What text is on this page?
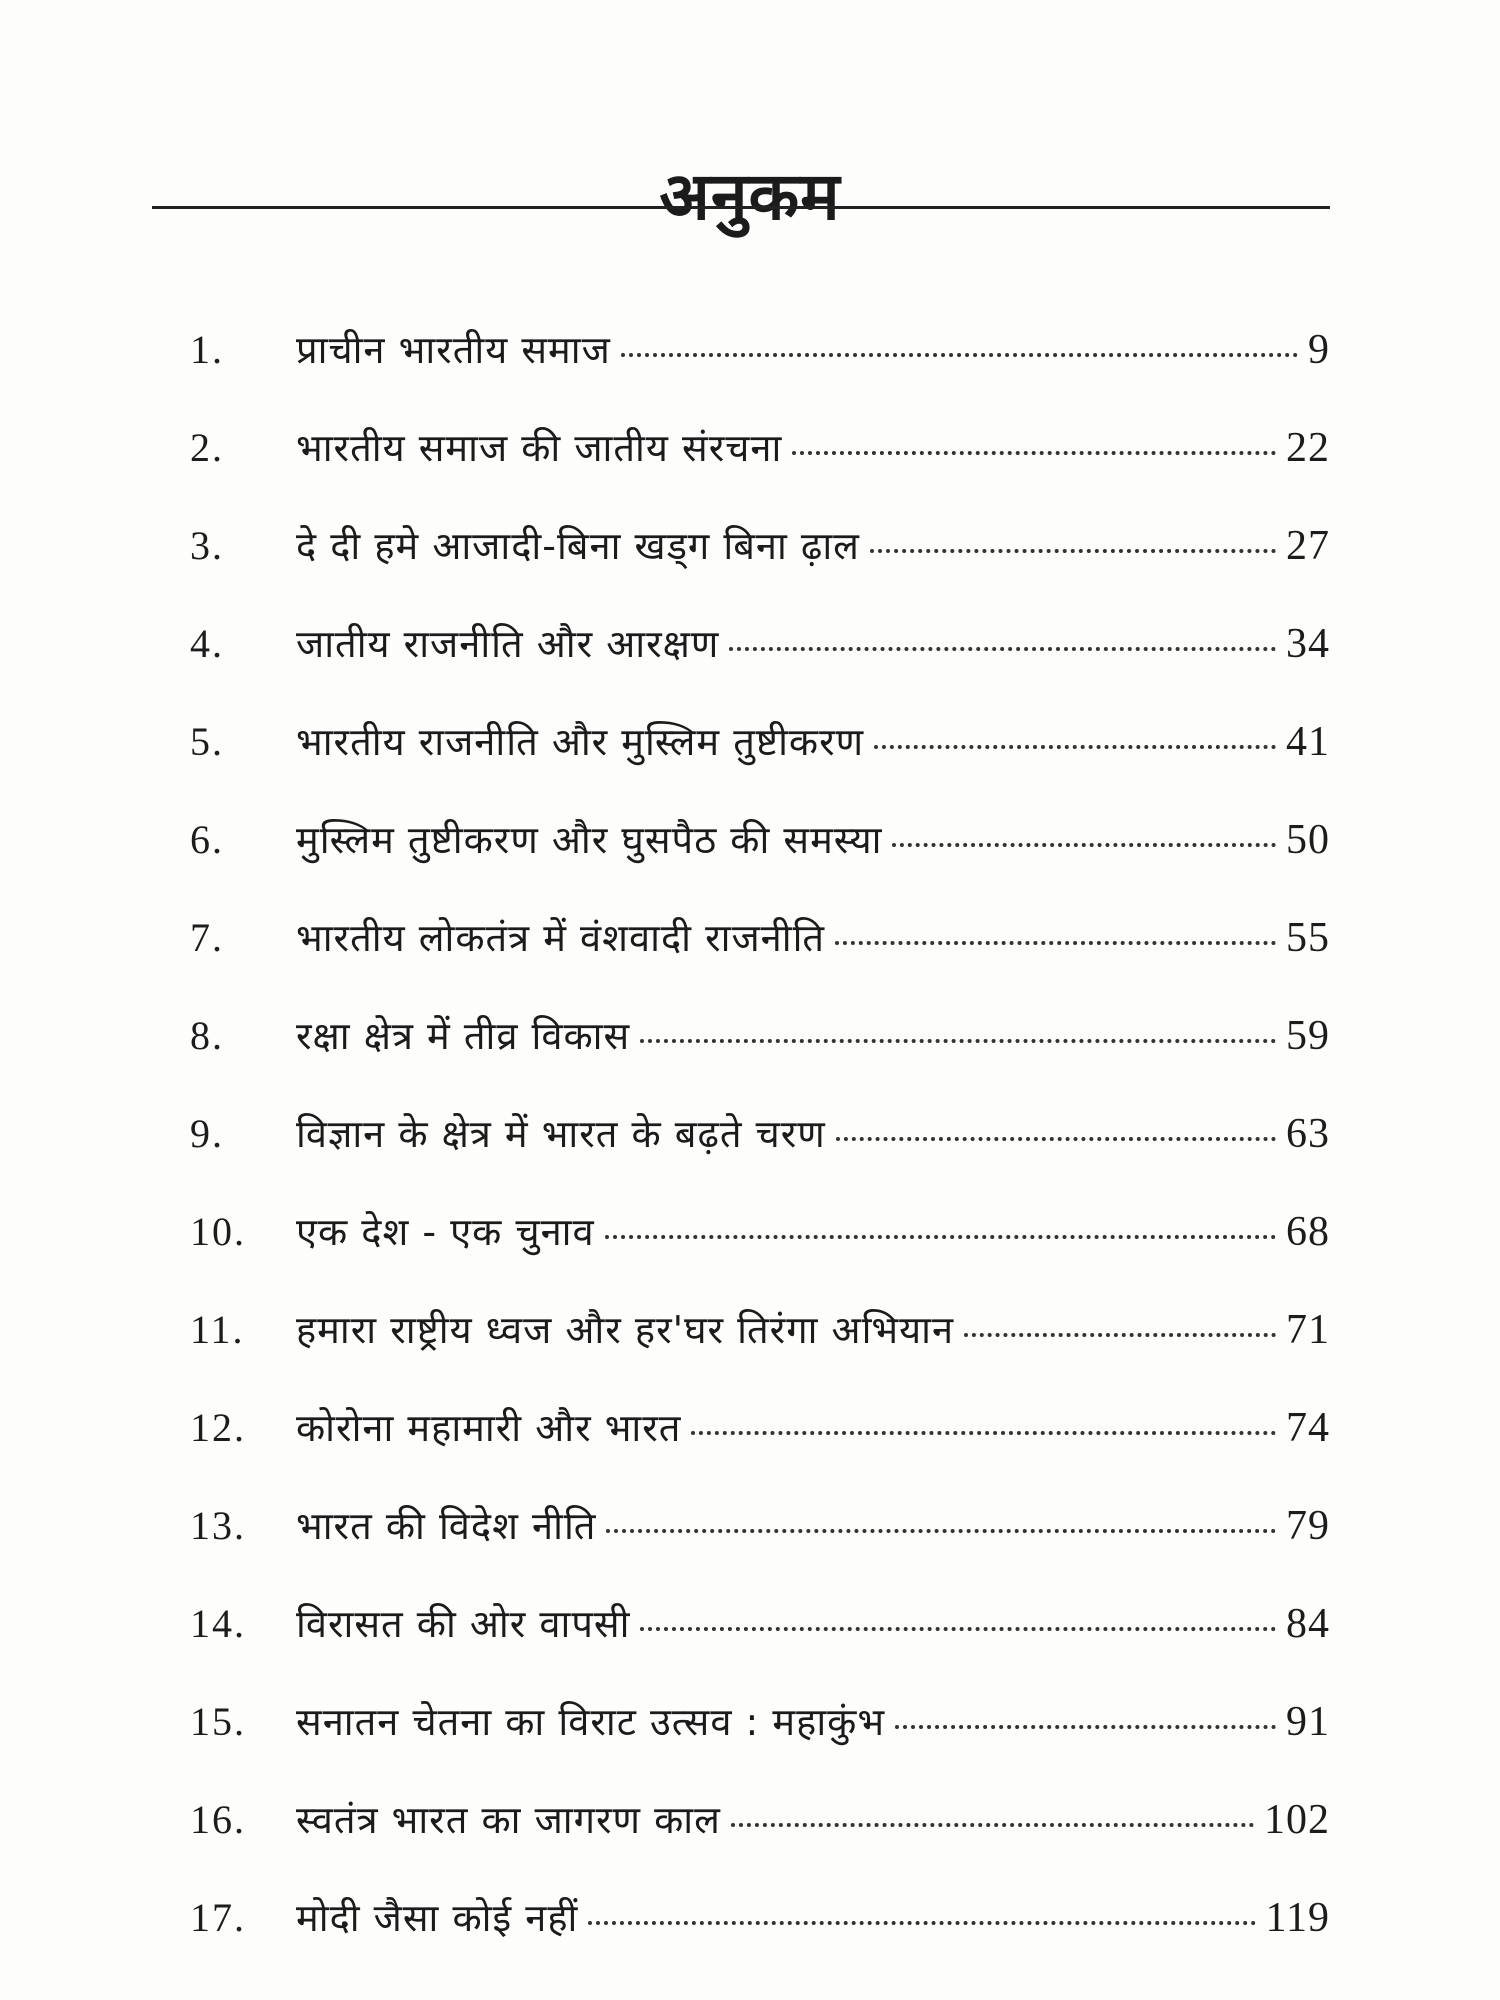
अनुकम
1.	प्राचीन भारतीय समाज	9
2.	भारतीय समाज की जातीय संरचना	22
3.	दे दी हमे आजादी-बिना खड्ग बिना ढ़ाल	27
4.	जातीय राजनीति और आरक्षण	34
5.	भारतीय राजनीति और मुस्लिम तुष्टीकरण	41
6.	मुस्लिम तुष्टीकरण और घुसपैठ की समस्या	50
7.	भारतीय लोकतंत्र में वंशवादी राजनीति	55
8.	रक्षा क्षेत्र में तीव्र विकास	59
9.	विज्ञान के क्षेत्र में भारत के बढ़ते चरण	63
10.	एक देश - एक चुनाव	68
11.	हमारा राष्ट्रीय ध्वज और हर'घर तिरंगा अभियान	71
12.	कोरोना महामारी और भारत	74
13.	भारत की विदेश नीति	79
14.	विरासत की ओर वापसी	84
15.	सनातन चेतना का विराट उत्सव : महाकुंभ	91
16.	स्वतंत्र भारत का जागरण काल	102
17.	मोदी जैसा कोई नहीं	119
